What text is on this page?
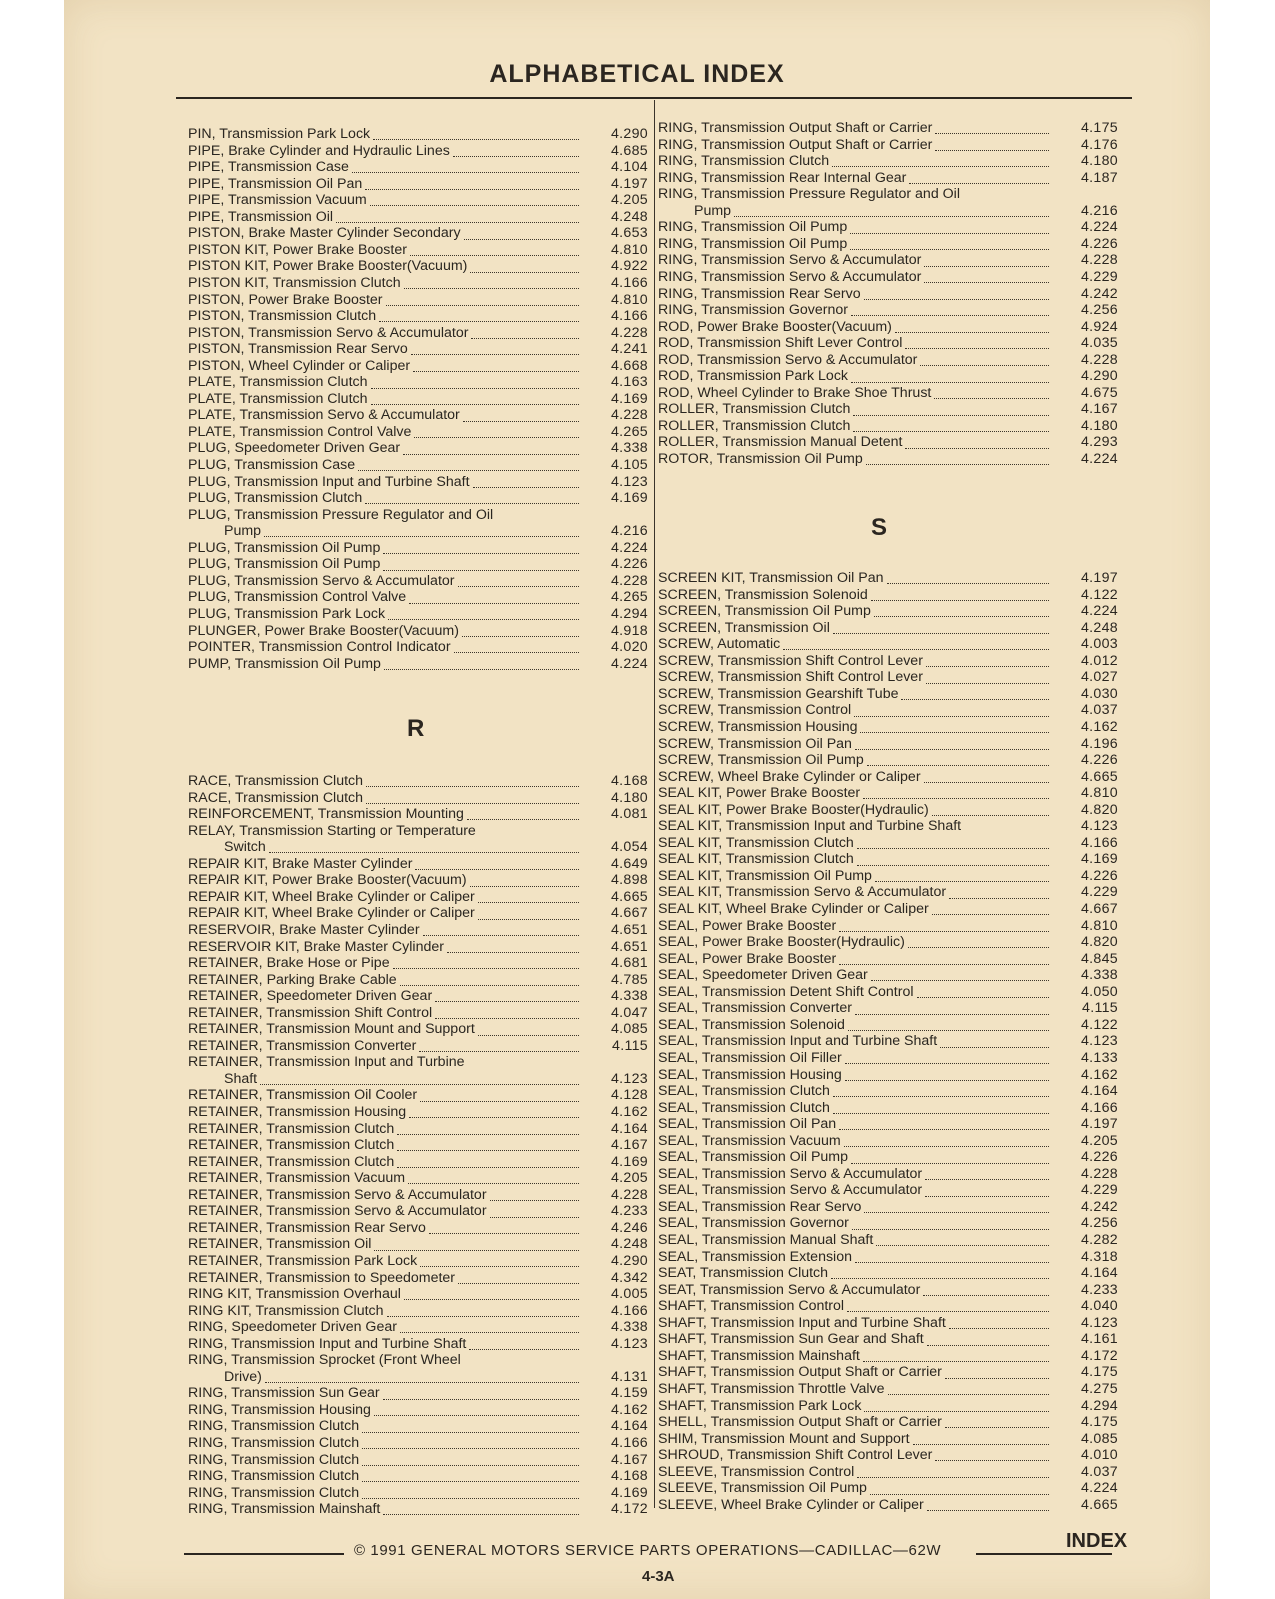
ALPHABETICAL INDEX
PIN, Transmission Park Lock	4.290
PIPE, Brake Cylinder and Hydraulic Lines	4.685
PIPE, Transmission Case	4.104
PIPE, Transmission Oil Pan	4.197
PIPE, Transmission Vacuum	4.205
PIPE, Transmission Oil	4.248
PISTON, Brake Master Cylinder Secondary	4.653
PISTON KIT, Power Brake Booster	4.810
PISTON KIT, Power Brake Booster(Vacuum)	4.922
PISTON KIT, Transmission Clutch	4.166
PISTON, Power Brake Booster	4.810
PISTON, Transmission Clutch	4.166
PISTON, Transmission Servo & Accumulator	4.228
PISTON, Transmission Rear Servo	4.241
PISTON, Wheel Cylinder or Caliper	4.668
PLATE, Transmission Clutch	4.163
PLATE, Transmission Clutch	4.169
PLATE, Transmission Servo & Accumulator	4.228
PLATE, Transmission Control Valve	4.265
PLUG, Speedometer Driven Gear	4.338
PLUG, Transmission Case	4.105
PLUG, Transmission Input and Turbine Shaft	4.123
PLUG, Transmission Clutch	4.169
PLUG, Transmission Pressure Regulator and Oil
Pump	4.216
PLUG, Transmission Oil Pump	4.224
PLUG, Transmission Oil Pump	4.226
PLUG, Transmission Servo & Accumulator	4.228
PLUG, Transmission Control Valve	4.265
PLUG, Transmission Park Lock	4.294
PLUNGER, Power Brake Booster(Vacuum)	4.918
POINTER, Transmission Control Indicator	4.020
PUMP, Transmission Oil Pump	4.224
RACE, Transmission Clutch	4.168
RACE, Transmission Clutch	4.180
REINFORCEMENT, Transmission Mounting	4.081
RELAY, Transmission Starting or Temperature
Switch	4.054
REPAIR KIT, Brake Master Cylinder	4.649
REPAIR KIT, Power Brake Booster(Vacuum)	4.898
REPAIR KIT, Wheel Brake Cylinder or Caliper	4.665
REPAIR KIT, Wheel Brake Cylinder or Caliper	4.667
RESERVOIR, Brake Master Cylinder	4.651
RESERVOIR KIT, Brake Master Cylinder	4.651
RETAINER, Brake Hose or Pipe	4.681
RETAINER, Parking Brake Cable	4.785
RETAINER, Speedometer Driven Gear	4.338
RETAINER, Transmission Shift Control	4.047
RETAINER, Transmission Mount and Support	4.085
RETAINER, Transmission Converter	4.115
RETAINER, Transmission Input and Turbine
Shaft	4.123
RETAINER, Transmission Oil Cooler	4.128
RETAINER, Transmission Housing	4.162
RETAINER, Transmission Clutch	4.164
RETAINER, Transmission Clutch	4.167
RETAINER, Transmission Clutch	4.169
RETAINER, Transmission Vacuum	4.205
RETAINER, Transmission Servo & Accumulator	4.228
RETAINER, Transmission Servo & Accumulator	4.233
RETAINER, Transmission Rear Servo	4.246
RETAINER, Transmission Oil	4.248
RETAINER, Transmission Park Lock	4.290
RETAINER, Transmission to Speedometer	4.342
RING KIT, Transmission Overhaul	4.005
RING KIT, Transmission Clutch	4.166
RING, Speedometer Driven Gear	4.338
RING, Transmission Input and Turbine Shaft	4.123
RING, Transmission Sprocket (Front Wheel
Drive)	4.131
RING, Transmission Sun Gear	4.159
RING, Transmission Housing	4.162
RING, Transmission Clutch	4.164
RING, Transmission Clutch	4.166
RING, Transmission Clutch	4.167
RING, Transmission Clutch	4.168
RING, Transmission Clutch	4.169
RING, Transmission Mainshaft	4.172
RING, Transmission Output Shaft or Carrier	4.175
RING, Transmission Output Shaft or Carrier	4.176
RING, Transmission Clutch	4.180
RING, Transmission Rear Internal Gear	4.187
RING, Transmission Pressure Regulator and Oil
Pump	4.216
RING, Transmission Oil Pump	4.224
RING, Transmission Oil Pump	4.226
RING, Transmission Servo & Accumulator	4.228
RING, Transmission Servo & Accumulator	4.229
RING, Transmission Rear Servo	4.242
RING, Transmission Governor	4.256
ROD, Power Brake Booster(Vacuum)	4.924
ROD, Transmission Shift Lever Control	4.035
ROD, Transmission Servo & Accumulator	4.228
ROD, Transmission Park Lock	4.290
ROD, Wheel Cylinder to Brake Shoe Thrust	4.675
ROLLER, Transmission Clutch	4.167
ROLLER, Transmission Clutch	4.180
ROLLER, Transmission Manual Detent	4.293
ROTOR, Transmission Oil Pump	4.224
SCREEN KIT, Transmission Oil Pan	4.197
SCREEN, Transmission Solenoid	4.122
SCREEN, Transmission Oil Pump	4.224
SCREEN, Transmission Oil	4.248
SCREW, Automatic	4.003
SCREW, Transmission Shift Control Lever	4.012
SCREW, Transmission Shift Control Lever	4.027
SCREW, Transmission Gearshift Tube	4.030
SCREW, Transmission Control	4.037
SCREW, Transmission Housing	4.162
SCREW, Transmission Oil Pan	4.196
SCREW, Transmission Oil Pump	4.226
SCREW, Wheel Brake Cylinder or Caliper	4.665
SEAL KIT, Power Brake Booster	4.810
SEAL KIT, Power Brake Booster(Hydraulic)	4.820
SEAL KIT, Transmission Input and Turbine Shaft	4.123
SEAL KIT, Transmission Clutch	4.166
SEAL KIT, Transmission Clutch	4.169
SEAL KIT, Transmission Oil Pump	4.226
SEAL KIT, Transmission Servo & Accumulator	4.229
SEAL KIT, Wheel Brake Cylinder or Caliper	4.667
SEAL, Power Brake Booster	4.810
SEAL, Power Brake Booster(Hydraulic)	4.820
SEAL, Power Brake Booster	4.845
SEAL, Speedometer Driven Gear	4.338
SEAL, Transmission Detent Shift Control	4.050
SEAL, Transmission Converter	4.115
SEAL, Transmission Solenoid	4.122
SEAL, Transmission Input and Turbine Shaft	4.123
SEAL, Transmission Oil Filler	4.133
SEAL, Transmission Housing	4.162
SEAL, Transmission Clutch	4.164
SEAL, Transmission Clutch	4.166
SEAL, Transmission Oil Pan	4.197
SEAL, Transmission Vacuum	4.205
SEAL, Transmission Oil Pump	4.226
SEAL, Transmission Servo & Accumulator	4.228
SEAL, Transmission Servo & Accumulator	4.229
SEAL, Transmission Rear Servo	4.242
SEAL, Transmission Governor	4.256
SEAL, Transmission Manual Shaft	4.282
SEAL, Transmission Extension	4.318
SEAT, Transmission Clutch	4.164
SEAT, Transmission Servo & Accumulator	4.233
SHAFT, Transmission Control	4.040
SHAFT, Transmission Input and Turbine Shaft	4.123
SHAFT, Transmission Sun Gear and Shaft	4.161
SHAFT, Transmission Mainshaft	4.172
SHAFT, Transmission Output Shaft or Carrier	4.175
SHAFT, Transmission Throttle Valve	4.275
SHAFT, Transmission Park Lock	4.294
SHELL, Transmission Output Shaft or Carrier	4.175
SHIM, Transmission Mount and Support	4.085
SHROUD, Transmission Shift Control Lever	4.010
SLEEVE, Transmission Control	4.037
SLEEVE, Transmission Oil Pump	4.224
SLEEVE, Wheel Brake Cylinder or Caliper	4.665
R
S
© 1991 GENERAL MOTORS SERVICE PARTS OPERATIONS—CADILLAC—62W	INDEX
4-3A
